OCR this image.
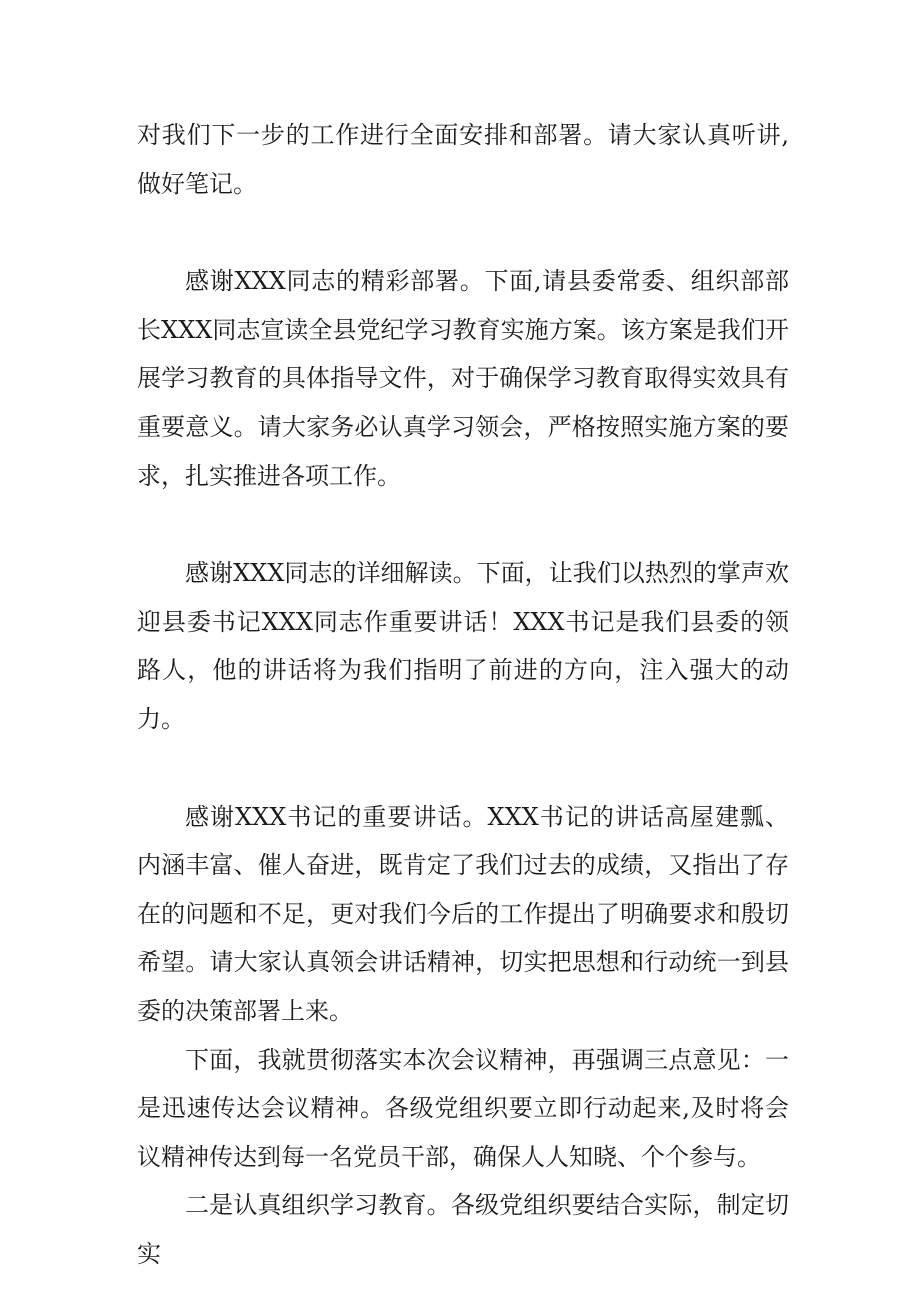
对我们下一步的工作进行全面安排和部署。请大家认真听讲,做好笔记。

感谢XXX同志的精彩部署。下面,请县委常委、组织部部长XXX同志宣读全县党纪学习教育实施方案。该方案是我们开展学习教育的具体指导文件，对于确保学习教育取得实效具有重要意义。请大家务必认真学习领会，严格按照实施方案的要求，扎实推进各项工作。

感谢XXX同志的详细解读。下面，让我们以热烈的掌声欢迎县委书记XXX同志作重要讲话！XXX书记是我们县委的领路人，他的讲话将为我们指明了前进的方向，注入强大的动力。

感谢XXX书记的重要讲话。XXX书记的讲话高屋建瓢、内涵丰富、催人奋进，既肯定了我们过去的成绩，又指出了存在的问题和不足，更对我们今后的工作提出了明确要求和殷切希望。请大家认真领会讲话精神，切实把思想和行动统一到县委的决策部署上来。

下面，我就贯彻落实本次会议精神，再强调三点意见：一是迅速传达会议精神。各级党组织要立即行动起来,及时将会议精神传达到每一名党员干部，确保人人知晓、个个参与。

二是认真组织学习教育。各级党组织要结合实际，制定切实
